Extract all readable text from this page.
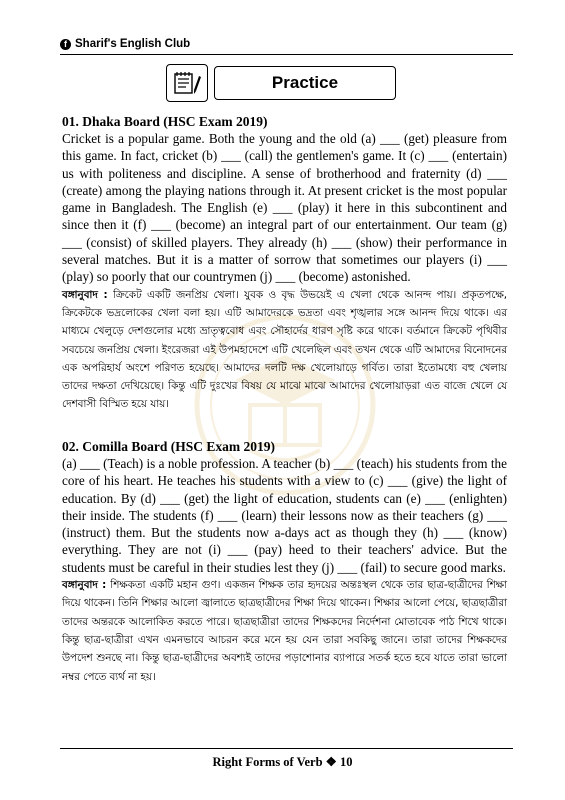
f Sharif's English Club
Practice
01. Dhaka Board (HSC Exam 2019)
Cricket is a popular game. Both the young and the old (a) ___ (get) pleasure from this game. In fact, cricket (b) ___ (call) the gentlemen's game. It (c) ___ (entertain) us with politeness and discipline. A sense of brotherhood and fraternity (d) ___ (create) among the playing nations through it. At present cricket is the most popular game in Bangladesh. The English (e) ___ (play) it here in this subcontinent and since then it (f) ___ (become) an integral part of our entertainment. Our team (g) ___ (consist) of skilled players. They already (h) ___ (show) their performance in several matches. But it is a matter of sorrow that sometimes our players (i) ___ (play) so poorly that our countrymen (j) ___ (become) astonished.
বঙ্গানুবাদ : ক্রিকেট একটি জনপ্রিয় খেলা। যুবক ও বৃদ্ধ উভয়েই এ খেলা থেকে আনন্দ পায়। প্রকৃতপক্ষে, ক্রিকেটকে ভদ্রলোকের খেলা বলা হয়। এটি আমাদেরকে ভদ্রতা এবং শৃঙ্খলার সঙ্গে আনন্দ দিয়ে থাকে। এর মাধ্যমে খেলুড়ে দেশগুলোর মধ্যে ভ্রাতৃত্ববোধ এবং সৌহার্দের ধারণ সৃষ্টি করে থাকে। বর্তমানে ক্রিকেট পৃথিবীর সবচেয়ে জনপ্রিয় খেলা। ইংরেজরা এই উপমহাদেশে এটি খেলেছিল এবং তখন থেকে এটি আমাদের বিনোদনের এক অপরিহার্য অংশে পরিণত হয়েছে। আমাদের দলটি দক্ষ খেলোয়াড়ে গর্বিত। তারা ইতোমধ্যে বহু খেলায় তাদের দক্ষতা দেখিয়েছে। কিন্তু এটি দুঃখের বিষয় যে মাঝে মাঝে আমাদের খেলোয়াড়রা এত বাজে খেলে যে দেশবাসী বিস্মিত হয়ে যায়।
02. Comilla Board (HSC Exam 2019)
(a) ___ (Teach) is a noble profession. A teacher (b) ___ (teach) his students from the core of his heart. He teaches his students with a view to (c) ___ (give) the light of education. By (d) ___ (get) the light of education, students can (e) ___ (enlighten) their inside. The students (f) ___ (learn) their lessons now as their teachers (g) ___ (instruct) them. But the students now a-days act as though they (h) ___ (know) everything. They are not (i) ___ (pay) heed to their teachers' advice. But the students must be careful in their studies lest they (j) ___ (fail) to secure good marks.
বঙ্গানুবাদ : শিক্ষকতা একটি মহান গুণ। একজন শিক্ষক তার হৃদয়ের অন্তঃস্থল থেকে তার ছাত্র-ছাত্রীদের শিক্ষা দিয়ে থাকেন। তিনি শিক্ষার আলো জ্বালাতে ছাত্রছাত্রীদের শিক্ষা দিয়ে থাকেন। শিক্ষার আলো পেয়ে, ছাত্রছাত্রীরা তাদের অন্তরকে আলোকিত করতে পারে। ছাত্রছাত্রীরা তাদের শিক্ষকদের নির্দেশনা মোতাবেক পাঠ শিখে থাকে। কিন্তু ছাত্র-ছাত্রীরা এখন এমনভাবে আচরন করে মনে হয় যেন তারা সবকিছু জানে। তারা তাদের শিক্ষকদের উপদেশ শুনছে না। কিন্তু ছাত্র-ছাত্রীদের অবশ্যই তাদের পড়াশোনার ব্যাপারে সতর্ক হতে হবে যাতে তারা ভালো নম্বর পেতে ব্যর্থ না হয়।
Right Forms of Verb ❖ 10
